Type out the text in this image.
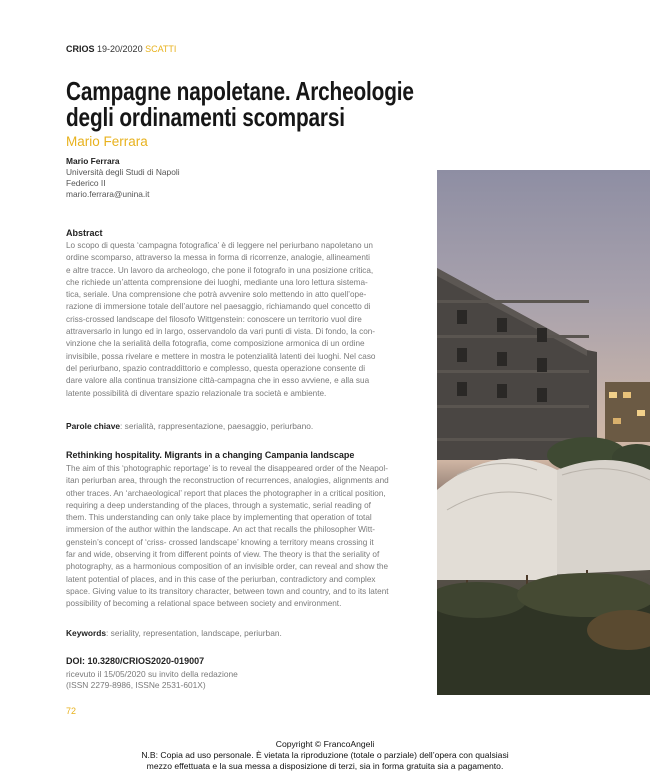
CRIOS 19-20/2020 SCATTI
Campagne napoletane. Archeologie
degli ordinamenti scomparsi
Mario Ferrara
Mario Ferrara
Università degli Studi di Napoli
Federico II
mario.ferrara@unina.it
Abstract
Lo scopo di questa ‘campagna fotografica’ è di leggere nel periurbano napoletano un
ordine scomparso, attraverso la messa in forma di ricorrenze, analogie, allineamenti
e altre tracce. Un lavoro da archeologo, che pone il fotografo in una posizione critica,
che richiede un’attenta comprensione dei luoghi, mediante una loro lettura sistema-
tica, seriale. Una comprensione che potrà avvenire solo mettendo in atto quell’ope-
razione di immersione totale dell’autore nel paesaggio, richiamando quel concetto di
criss-crossed landscape del filosofo Wittgenstein: conoscere un territorio vuol dire
attraversarlo in lungo ed in largo, osservandolo da vari punti di vista. Di fondo, la con-
vinzione che la serialità della fotografia, come composizione armonica di un ordine
invisibile, possa rivelare e mettere in mostra le potenzialità latenti dei luoghi. Nel caso
del periurbano, spazio contraddittorio e complesso, questa operazione consente di
dare valore alla continua transizione città-campagna che in esso avviene, e alla sua
latente possibilità di diventare spazio relazionale tra società e ambiente.
Parole chiave: serialità, rappresentazione, paesaggio, periurbano.
Rethinking hospitality. Migrants in a changing Campania landscape
The aim of this ‘photographic reportage’ is to reveal the disappeared order of the Neapol-
itan periurban area, through the reconstruction of recurrences, analogies, alignments and
other traces. An ‘archaeological’ report that places the photographer in a critical position,
requiring a deep understanding of the places, through a systematic, serial reading of
them. This understanding can only take place by implementing that operation of total
immersion of the author within the landscape. An act that recalls the philosopher Witt-
genstein’s concept of ‘criss- crossed landscape’ knowing a territory means crossing it
far and wide, observing it from different points of view. The theory is that the seriality of
photography, as a harmonious composition of an invisible order, can reveal and show the
latent potential of places, and in this case of the periurban, contradictory and complex
space. Giving value to its transitory character, between town and country, and to its latent
possibility of becoming a relational space between society and environment.
Keywords: seriality, representation, landscape, periurban.
DOI: 10.3280/CRIOS2020-019007
ricevuto il 15/05/2020 su invito della redazione
(ISSN 2279-8986, ISSNe 2531-601X)
72
Copyright © FrancoAngeli
N.B: Copia ad uso personale. È vietata la riproduzione (totale o parziale) dell’opera con qualsiasi
mezzo effettuata e la sua messa a disposizione di terzi, sia in forma gratuita sia a pagamento.
